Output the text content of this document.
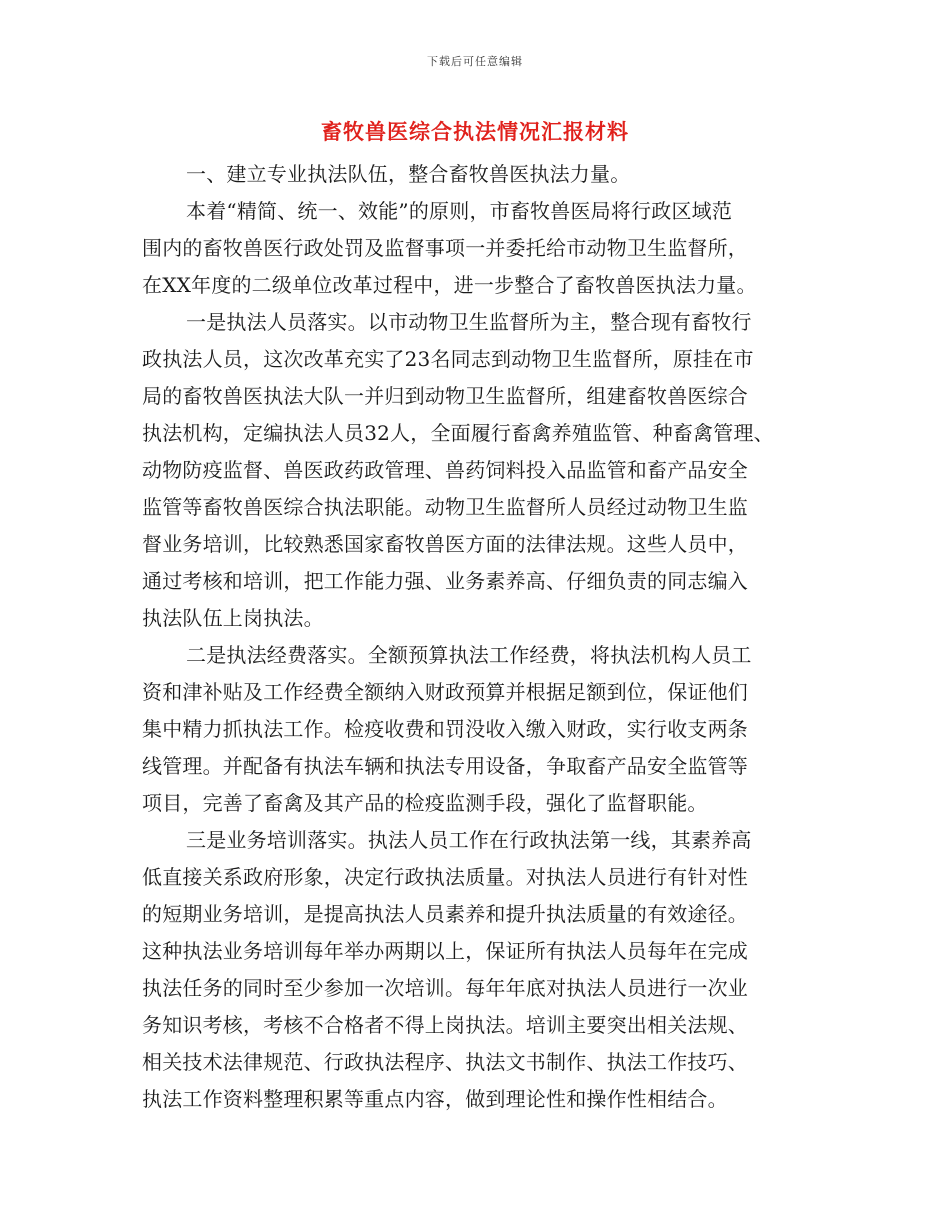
下载后可任意编辑
畜牧兽医综合执法情况汇报材料
一、建立专业执法队伍，整合畜牧兽医执法力量。
本着“精简、统一、效能”的原则，市畜牧兽医局将行政区域范
围内的畜牧兽医行政处罚及监督事项一并委托给市动物卫生监督所，
在XX年度的二级单位改革过程中，进一步整合了畜牧兽医执法力量。
一是执法人员落实。以市动物卫生监督所为主，整合现有畜牧行
政执法人员，这次改革充实了23名同志到动物卫生监督所，原挂在市
局的畜牧兽医执法大队一并归到动物卫生监督所，组建畜牧兽医综合
执法机构，定编执法人员32人，全面履行畜禽养殖监管、种畜禽管理、
动物防疫监督、兽医政药政管理、兽药饲料投入品监管和畜产品安全
监管等畜牧兽医综合执法职能。动物卫生监督所人员经过动物卫生监
督业务培训，比较熟悉国家畜牧兽医方面的法律法规。这些人员中，
通过考核和培训，把工作能力强、业务素养高、仔细负责的同志编入
执法队伍上岗执法。
二是执法经费落实。全额预算执法工作经费，将执法机构人员工
资和津补贴及工作经费全额纳入财政预算并根据足额到位，保证他们
集中精力抓执法工作。检疫收费和罚没收入缴入财政，实行收支两条
线管理。并配备有执法车辆和执法专用设备，争取畜产品安全监管等
项目，完善了畜禽及其产品的检疫监测手段，强化了监督职能。
三是业务培训落实。执法人员工作在行政执法第一线，其素养高
低直接关系政府形象，决定行政执法质量。对执法人员进行有针对性
的短期业务培训，是提高执法人员素养和提升执法质量的有效途径。
这种执法业务培训每年举办两期以上，保证所有执法人员每年在完成
执法任务的同时至少参加一次培训。每年年底对执法人员进行一次业
务知识考核，考核不合格者不得上岗执法。培训主要突出相关法规、
相关技术法律规范、行政执法程序、执法文书制作、执法工作技巧、
执法工作资料整理积累等重点内容，做到理论性和操作性相结合。
